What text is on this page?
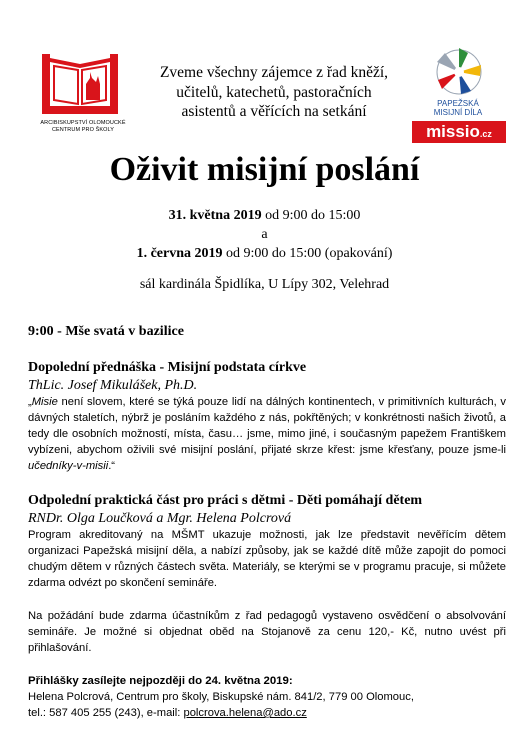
ARCIBISKUPSTVÍ OLOMOUCKÉ
CENTRUM PRO ŠKOLY
Zveme všechny zájemce z řad kněží,
učitelů, katechetů, pastoračních
asistentů a věřících na setkání	PAPEŽSKÁ
MISIJNÍ DÍLA
missio.cz
Oživit misijní poslání
31. května 2019 od 9:00 do 15:00
a
1. června 2019 od 9:00 do 15:00 (opakování)
sál kardinála Špidlíka, U Lípy 302, Velehrad

9:00 - Mše svatá v bazilice

Dopolední přednáška - Misijní podstata církve

ThLic. Josef Mikulášek, Ph.D.

„Misie není slovem, které se týká pouze lidí na dálných kontinentech, v primitivních kulturách, v dávných staletích, nýbrž je posláním každého z nás, pokřtěných; v konkrétnosti našich životů, a tedy dle osobních možností, místa, času… jsme, mimo jiné, i současným papežem Františkem vybízeni, abychom oživili své misijní poslání, přijaté skrze křest: jsme křesťany, pouze jsme-li učedníky-v-misii.“

Odpolední praktická část pro práci s dětmi - Děti pomáhají dětem

RNDr. Olga Loučková a Mgr. Helena Polcrová

Program akreditovaný na MŠMT ukazuje možnosti, jak lze představit nevěřícím dětem organizaci Papežská misijní děla, a nabízí způsoby, jak se každé dítě může zapojit do pomoci chudým dětem v různých částech světa. Materiály, se kterými se v programu pracuje, si můžete zdarma odvézt po skončení semináře.

Na požádání bude zdarma účastníkům z řad pedagogů vystaveno osvědčení o absolvování semináře. Je možné si objednat oběd na Stojanově za cenu 120,- Kč, nutno uvést při přihlašování.

Přihlášky zasílejte nejpozději do 24. května 2019:

Helena Polcrová, Centrum pro školy, Biskupské nám. 841/2, 779 00 Olomouc,

tel.: 587 405 255 (243), e-mail: polcrova.helena@ado.cz
